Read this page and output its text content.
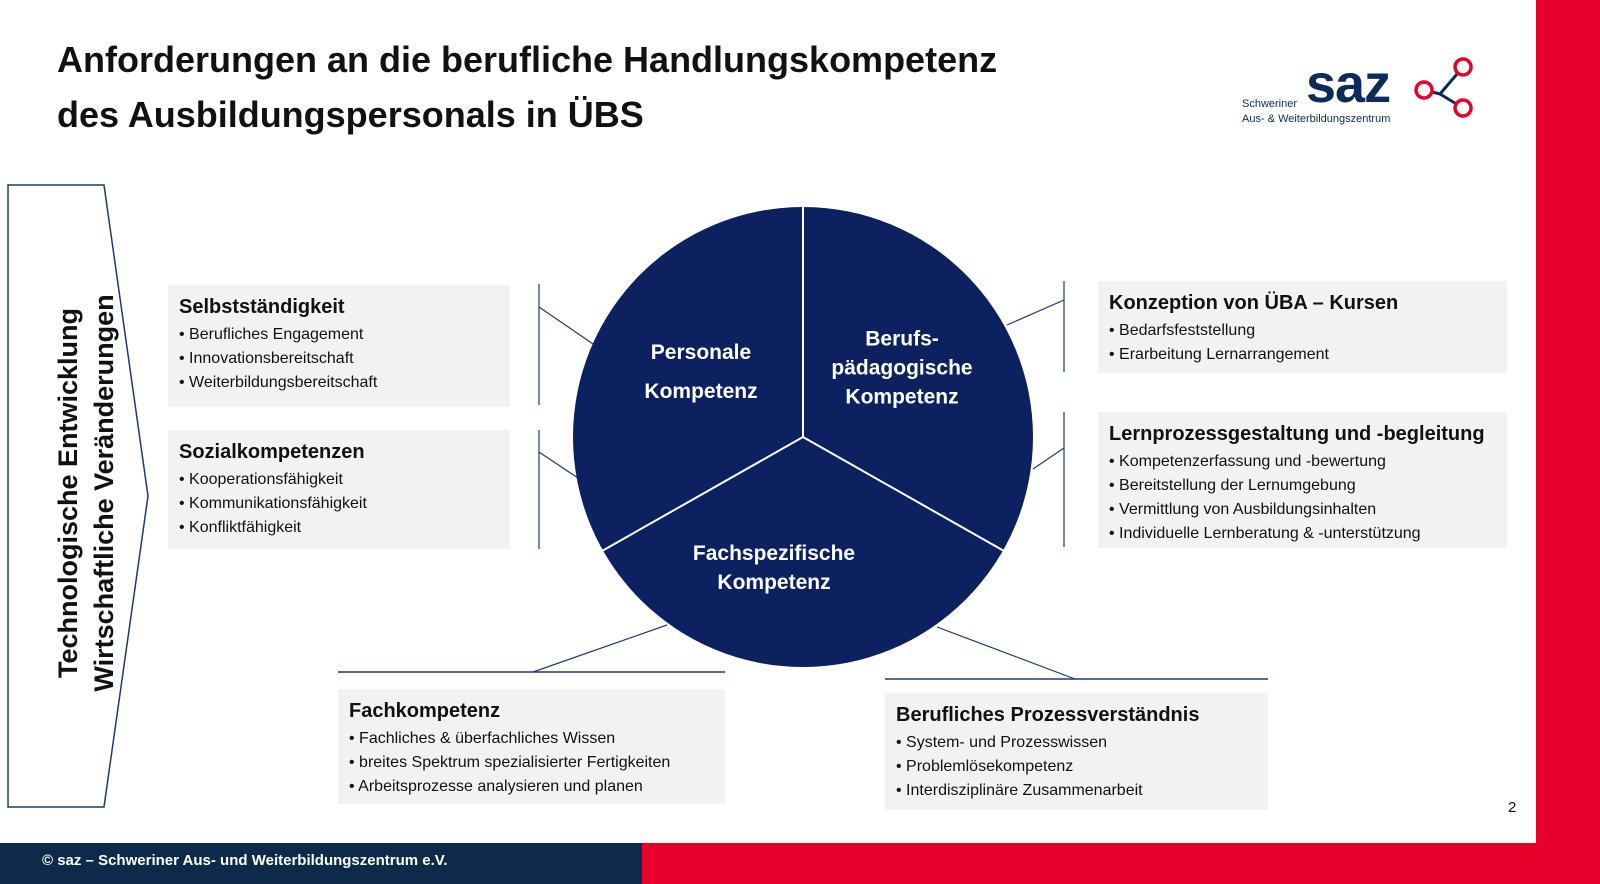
Anforderungen an die berufliche Handlungskompetenz
des Ausbildungspersonals in ÜBS
saz
Schweriner
Aus- & Weiterbildungszentrum
Technologische Entwicklung Wirtschaftliche Veränderungen	Personale
Kompetenz
Berufs-
pädagogische
Kompetenz
Fachspezifische
Kompetenz
Selbstständigkeit
• Berufliches Engagement
• Innovationsbereitschaft
• Weiterbildungsbereitschaft
Sozialkompetenzen
• Kooperationsfähigkeit
• Kommunikationsfähigkeit
• Konfliktfähigkeit
Konzeption von ÜBA – Kursen
• Bedarfsfeststellung
• Erarbeitung Lernarrangement
Lernprozessgestaltung und -begleitung
• Kompetenzerfassung und -bewertung
• Bereitstellung der Lernumgebung
• Vermittlung von Ausbildungsinhalten
• Individuelle Lernberatung & -unterstützung
Fachkompetenz
• Fachliches & überfachliches Wissen
• breites Spektrum spezialisierter Fertigkeiten
• Arbeitsprozesse analysieren und planen
Berufliches Prozessverständnis
• System- und Prozesswissen
• Problemlösekompetenz
• Interdisziplinäre Zusammenarbeit
2
© saz – Schweriner Aus- und Weiterbildungszentrum e.V.
